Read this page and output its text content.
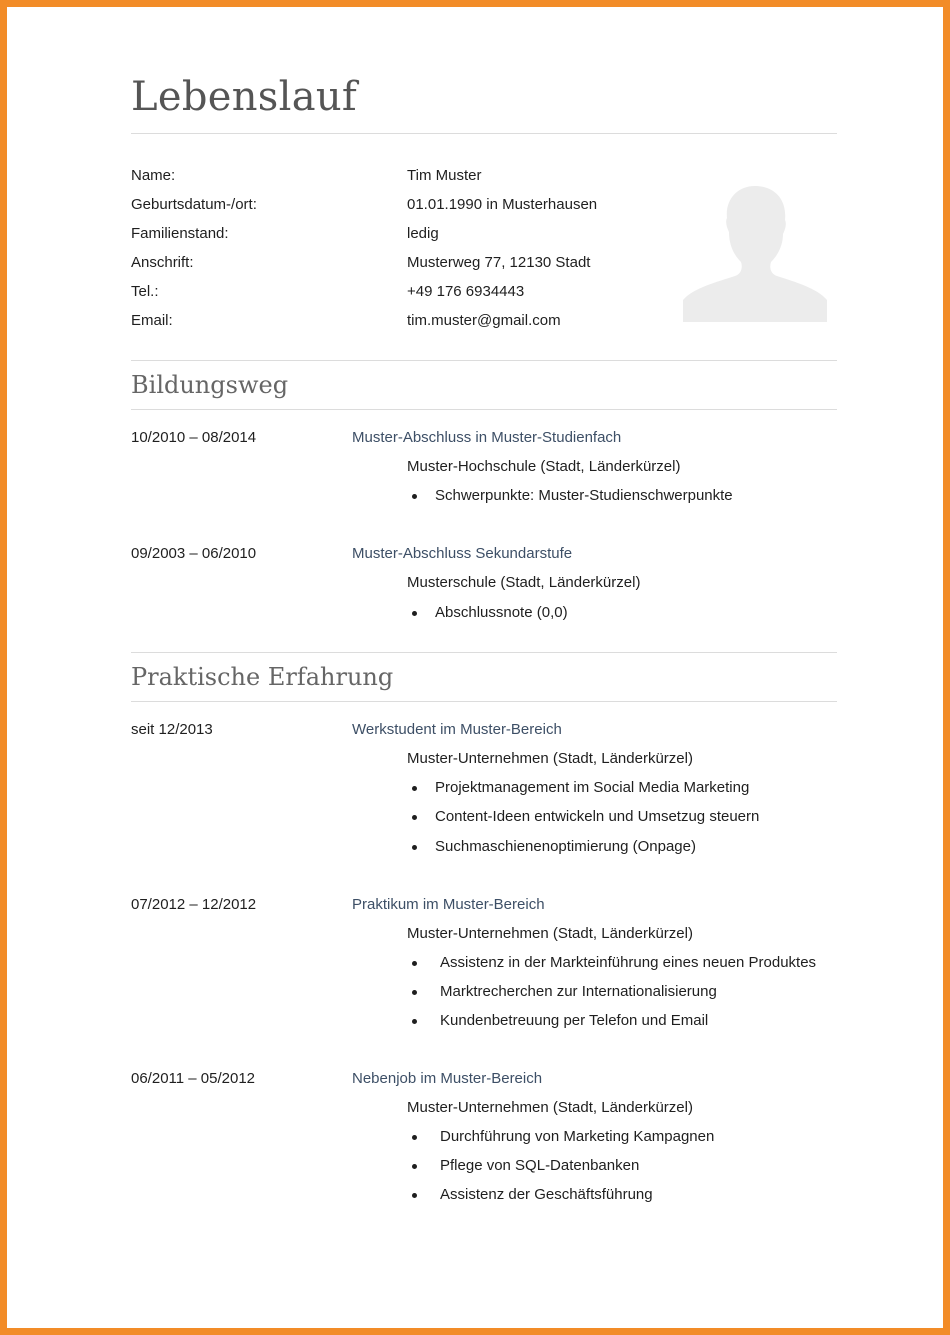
Lebenslauf
Name:	Tim Muster
Geburtsdatum-/ort:	01.01.1990 in Musterhausen
Familienstand:	ledig
Anschrift:	Musterweg 77, 12130 Stadt
Tel.:	+49 176 6934443
Email:	tim.muster@gmail.com
Bildungsweg
10/2010 – 08/2014	Muster-Abschluss in Muster-Studienfach
Muster-Hochschule (Stadt, Länderkürzel)
Schwerpunkte: Muster-Studienschwerpunkte
09/2003 – 06/2010	Muster-Abschluss Sekundarstufe
Musterschule (Stadt, Länderkürzel)
Abschlussnote (0,0)
Praktische Erfahrung
seit 12/2013	Werkstudent im Muster-Bereich
Muster-Unternehmen (Stadt, Länderkürzel)
Projektmanagement im Social Media Marketing
Content-Ideen entwickeln und Umsetzug steuern
Suchmaschienenoptimierung (Onpage)
07/2012 – 12/2012	Praktikum im Muster-Bereich
Muster-Unternehmen (Stadt, Länderkürzel)
Assistenz in der Markteinführung eines neuen Produktes
Marktrecherchen zur Internationalisierung
Kundenbetreuung per Telefon und Email
06/2011 – 05/2012	Nebenjob im Muster-Bereich
Muster-Unternehmen (Stadt, Länderkürzel)
Durchführung von Marketing Kampagnen
Pflege von SQL-Datenbanken
Assistenz der Geschäftsführung
